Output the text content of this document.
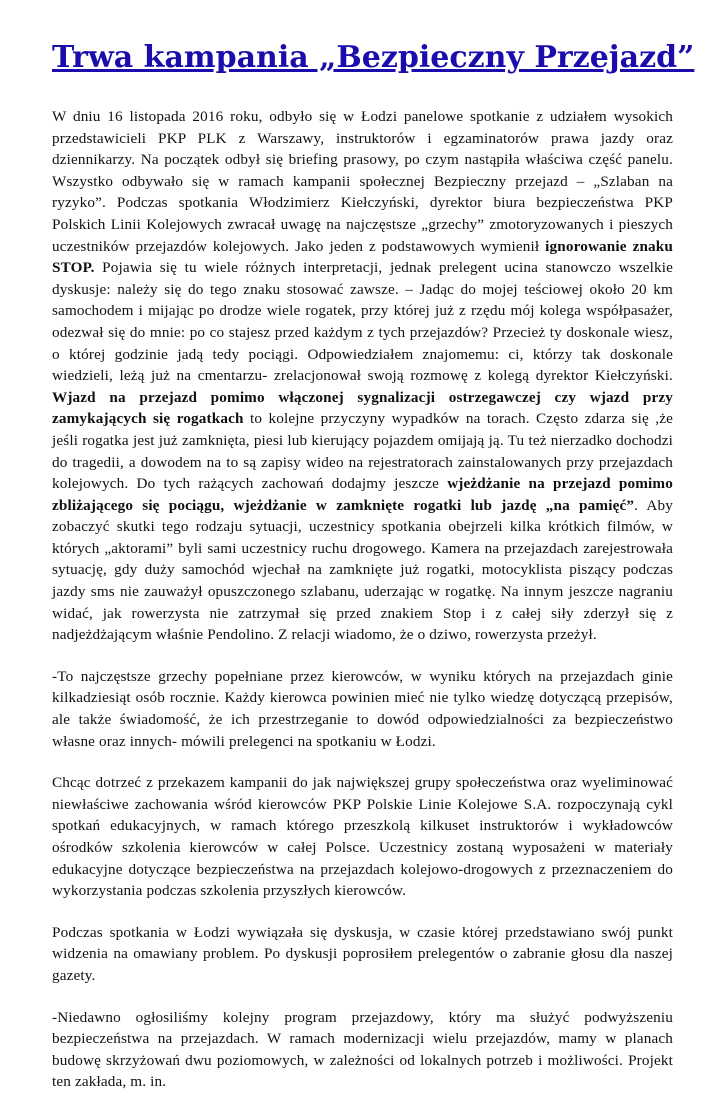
Trwa kampania „Bezpieczny Przejazd”

W dniu 16 listopada 2016 roku, odbyło się w Łodzi panelowe spotkanie z udziałem wysokich przedstawicieli PKP PLK z Warszawy, instruktorów i egzaminatorów prawa jazdy oraz dziennikarzy. Na początek odbył się briefing prasowy, po czym nastąpiła właściwa część panelu. Wszystko odbywało się w ramach kampanii społecznej Bezpieczny przejazd – „Szlaban na ryzyko”. Podczas spotkania Włodzimierz Kiełczyński, dyrektor biura bezpieczeństwa PKP Polskich Linii Kolejowych zwracał uwagę na najczęstsze „grzechy” zmotoryzowanych i pieszych uczestników przejazdów kolejowych. Jako jeden z podstawowych wymienił ignorowanie znaku STOP. Pojawia się tu wiele różnych interpretacji, jednak prelegent ucina stanowczo wszelkie dyskusje: należy się do tego znaku stosować zawsze. – Jadąc do mojej teściowej około 20 km samochodem i mijając po drodze wiele rogatek, przy której już z rzędu mój kolega współpasażer, odezwał się do mnie: po co stajesz przed każdym z tych przejazdów? Przecież ty doskonale wiesz, o której godzinie jadą tedy pociągi. Odpowiedziałem znajomemu: ci, którzy tak doskonale wiedzieli, leżą już na cmentarzu- zrelacjonował swoją rozmowę z kolegą dyrektor Kiełczyński. Wjazd na przejazd pomimo włączonej sygnalizacji ostrzegawczej czy wjazd przy zamykających się rogatkach to kolejne przyczyny wypadków na torach. Często zdarza się ,że jeśli rogatka jest już zamknięta, piesi lub kierujący pojazdem omijają ją. Tu też nierzadko dochodzi do tragedii, a dowodem na to są zapisy wideo na rejestratorach zainstalowanych przy przejazdach kolejowych. Do tych rażących zachowań dodajmy jeszcze wjeżdżanie na przejazd pomimo zbliżającego się pociągu, wjeżdżanie w zamknięte rogatki lub jazdę „na pamięć”. Aby zobaczyć skutki tego rodzaju sytuacji, uczestnicy spotkania obejrzeli kilka krótkich filmów, w których „aktorami” byli sami uczestnicy ruchu drogowego. Kamera na przejazdach zarejestrowała sytuację, gdy duży samochód wjechał na zamknięte już rogatki, motocyklista piszący podczas jazdy sms nie zauważył opuszczonego szlabanu, uderzając w rogatkę. Na innym jeszcze nagraniu widać, jak rowerzysta nie zatrzymał się przed znakiem Stop i z całej siły zderzył się z nadjeżdżającym właśnie Pendolino. Z relacji wiadomo, że o dziwo, rowerzysta przeżył.

-To najczęstsze grzechy popełniane przez kierowców, w wyniku których na przejazdach ginie kilkadziesiąt osób rocznie. Każdy kierowca powinien mieć nie tylko wiedzę dotyczącą przepisów, ale także świadomość, że ich przestrzeganie to dowód odpowiedzialności za bezpieczeństwo własne oraz innych- mówili prelegenci na spotkaniu w Łodzi.

Chcąc dotrzeć z przekazem kampanii do jak największej grupy społeczeństwa oraz wyeliminować niewłaściwe zachowania wśród kierowców PKP Polskie Linie Kolejowe S.A. rozpoczynają cykl spotkań edukacyjnych, w ramach którego przeszkolą kilkuset instruktorów i wykładowców ośrodków szkolenia kierowców w całej Polsce. Uczestnicy zostaną wyposażeni w materiały edukacyjne dotyczące bezpieczeństwa na przejazdach kolejowo-drogowych z przeznaczeniem do wykorzystania podczas szkolenia przyszłych kierowców.

Podczas spotkania w Łodzi wywiązała się dyskusja, w czasie której przedstawiano swój punkt widzenia na omawiany problem. Po dyskusji poprosiłem prelegentów o zabranie głosu dla naszej gazety.

-Niedawno ogłosiliśmy kolejny program przejazdowy, który ma służyć podwyższeniu bezpieczeństwa na przejazdach. W ramach modernizacji wielu przejazdów, mamy w planach budowę skrzyżowań dwu poziomowych, w zależności od lokalnych potrzeb i możliwości. Projekt ten zakłada, m. in.
